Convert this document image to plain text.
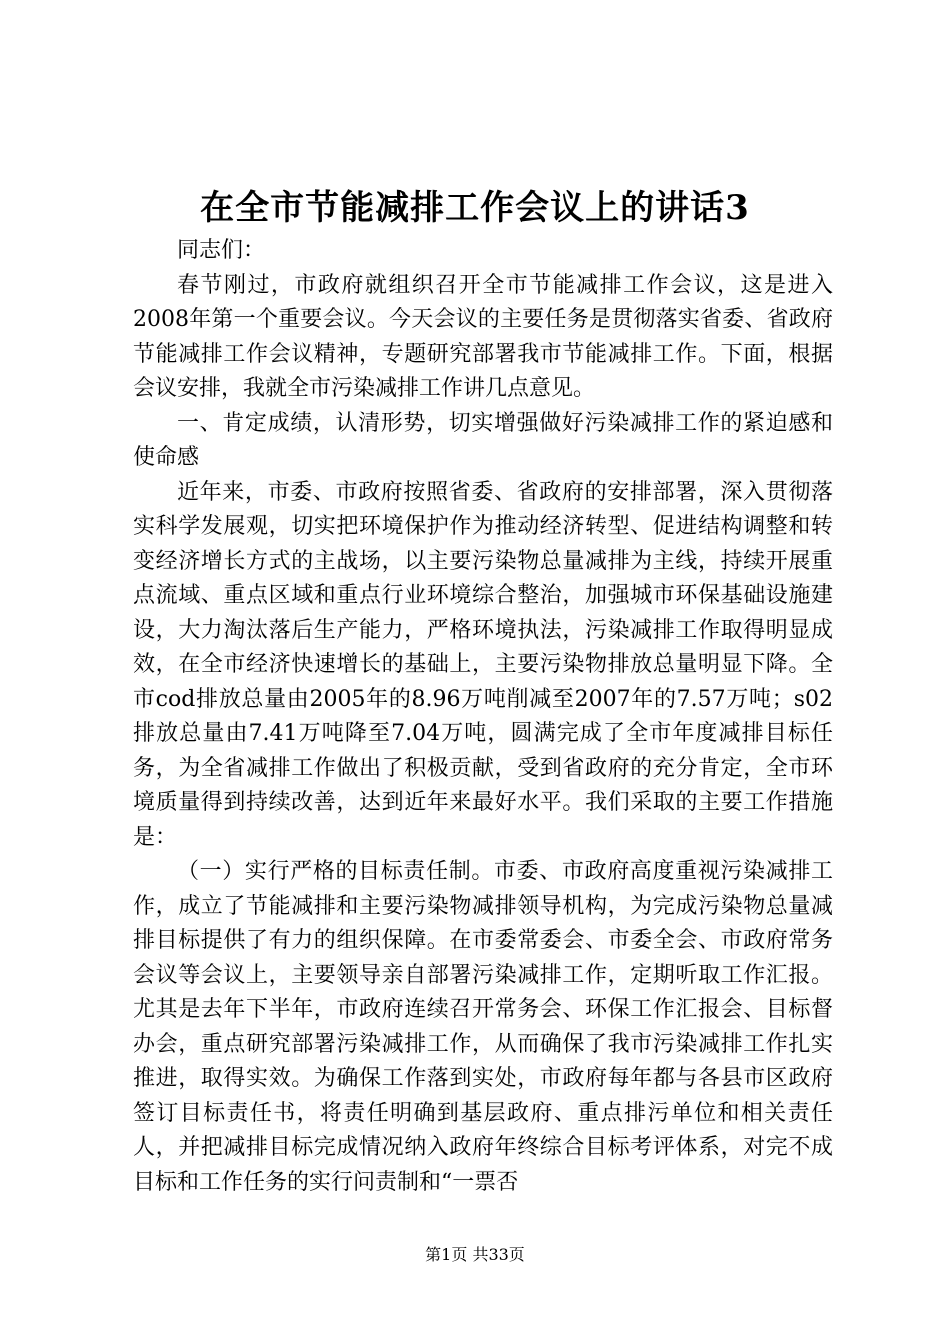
在全市节能减排工作会议上的讲话3

同志们：

春节刚过，市政府就组织召开全市节能减排工作会议，这是进入2008年第一个重要会议。今天会议的主要任务是贯彻落实省委、省政府节能减排工作会议精神，专题研究部署我市节能减排工作。下面，根据会议安排，我就全市污染减排工作讲几点意见。

一、肯定成绩，认清形势，切实增强做好污染减排工作的紧迫感和使命感

近年来，市委、市政府按照省委、省政府的安排部署，深入贯彻落实科学发展观，切实把环境保护作为推动经济转型、促进结构调整和转变经济增长方式的主战场，以主要污染物总量减排为主线，持续开展重点流域、重点区域和重点行业环境综合整治，加强城市环保基础设施建设，大力淘汰落后生产能力，严格环境执法，污染减排工作取得明显成效，在全市经济快速增长的基础上，主要污染物排放总量明显下降。全市cod排放总量由2005年的8.96万吨削减至2007年的7.57万吨；s02排放总量由7.41万吨降至7.04万吨，圆满完成了全市年度减排目标任务，为全省减排工作做出了积极贡献，受到省政府的充分肯定，全市环境质量得到持续改善，达到近年来最好水平。我们采取的主要工作措施是：

（一）实行严格的目标责任制。市委、市政府高度重视污染减排工作，成立了节能减排和主要污染物减排领导机构，为完成污染物总量减排目标提供了有力的组织保障。在市委常委会、市委全会、市政府常务会议等会议上，主要领导亲自部署污染减排工作，定期听取工作汇报。尤其是去年下半年，市政府连续召开常务会、环保工作汇报会、目标督办会，重点研究部署污染减排工作，从而确保了我市污染减排工作扎实推进，取得实效。为确保工作落到实处，市政府每年都与各县市区政府签订目标责任书，将责任明确到基层政府、重点排污单位和相关责任人，并把减排目标完成情况纳入政府年终综合目标考评体系，对完不成目标和工作任务的实行问责制和“一票否

第1页 共33页
